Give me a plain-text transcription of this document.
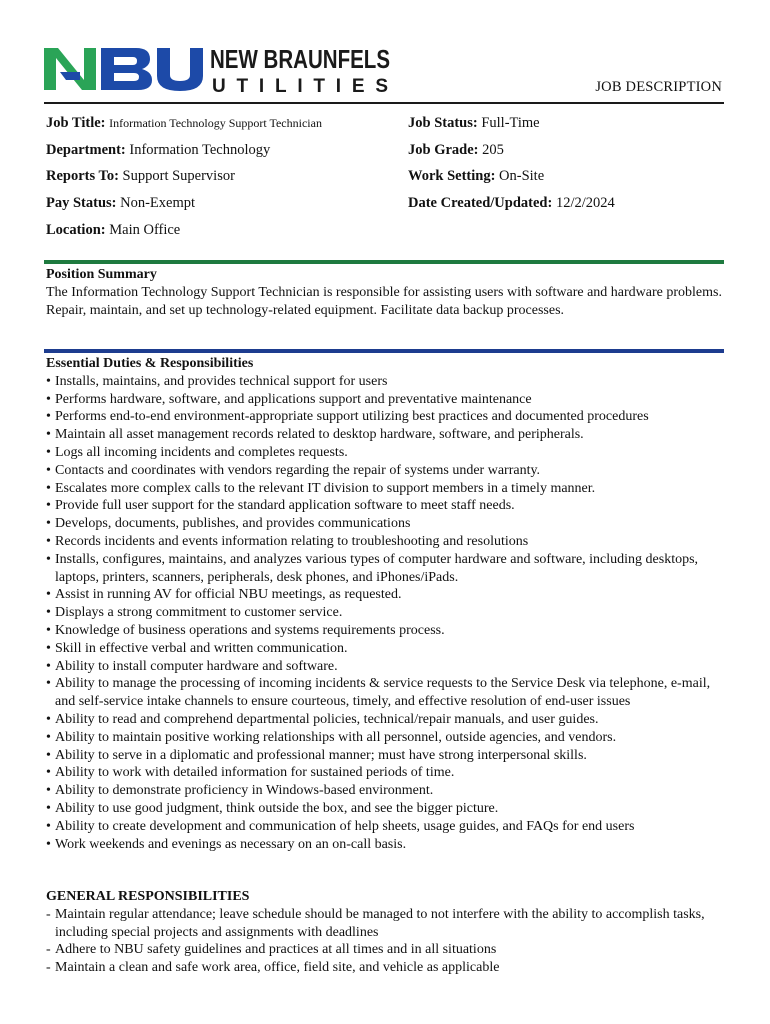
NEW BRAUNFELS
UTILITIES	JOB DESCRIPTION
Job Title: Information Technology Support Technician	Job Status: Full-Time
Department: Information Technology	Job Grade: 205
Reports To: Support Supervisor	Work Setting: On-Site
Pay Status: Non-Exempt	Date Created/Updated: 12/2/2024
Location: Main Office
Position Summary

The Information Technology Support Technician is responsible for assisting users with software and hardware problems. Repair, maintain, and set up technology-related equipment. Facilitate data backup processes.

Essential Duties & Responsibilities
• Installs, maintains, and provides technical support for users
• Performs hardware, software, and applications support and preventative maintenance
• Performs end-to-end environment-appropriate support utilizing best practices and documented procedures
• Maintain all asset management records related to desktop hardware, software, and peripherals.
• Logs all incoming incidents and completes requests.
• Contacts and coordinates with vendors regarding the repair of systems under warranty.
• Escalates more complex calls to the relevant IT division to support members in a timely manner.
• Provide full user support for the standard application software to meet staff needs.
• Develops, documents, publishes, and provides communications
• Records incidents and events information relating to troubleshooting and resolutions
• Installs, configures, maintains, and analyzes various types of computer hardware and software, including desktops, laptops, printers, scanners, peripherals, desk phones, and iPhones/iPads.
• Assist in running AV for official NBU meetings, as requested.
• Displays a strong commitment to customer service.
• Knowledge of business operations and systems requirements process.
• Skill in effective verbal and written communication.
• Ability to install computer hardware and software.
• Ability to manage the processing of incoming incidents & service requests to the Service Desk via telephone, e-mail, and self-service intake channels to ensure courteous, timely, and effective resolution of end-user issues
• Ability to read and comprehend departmental policies, technical/repair manuals, and user guides.
• Ability to maintain positive working relationships with all personnel, outside agencies, and vendors.
• Ability to serve in a diplomatic and professional manner; must have strong interpersonal skills.
• Ability to work with detailed information for sustained periods of time.
• Ability to demonstrate proficiency in Windows-based environment.
• Ability to use good judgment, think outside the box, and see the bigger picture.
• Ability to create development and communication of help sheets, usage guides, and FAQs for end users
• Work weekends and evenings as necessary on an on-call basis.
GENERAL RESPONSIBILITIES
- Maintain regular attendance; leave schedule should be managed to not interfere with the ability to accomplish tasks, including special projects and assignments with deadlines
- Adhere to NBU safety guidelines and practices at all times and in all situations
- Maintain a clean and safe work area, office, field site, and vehicle as applicable
